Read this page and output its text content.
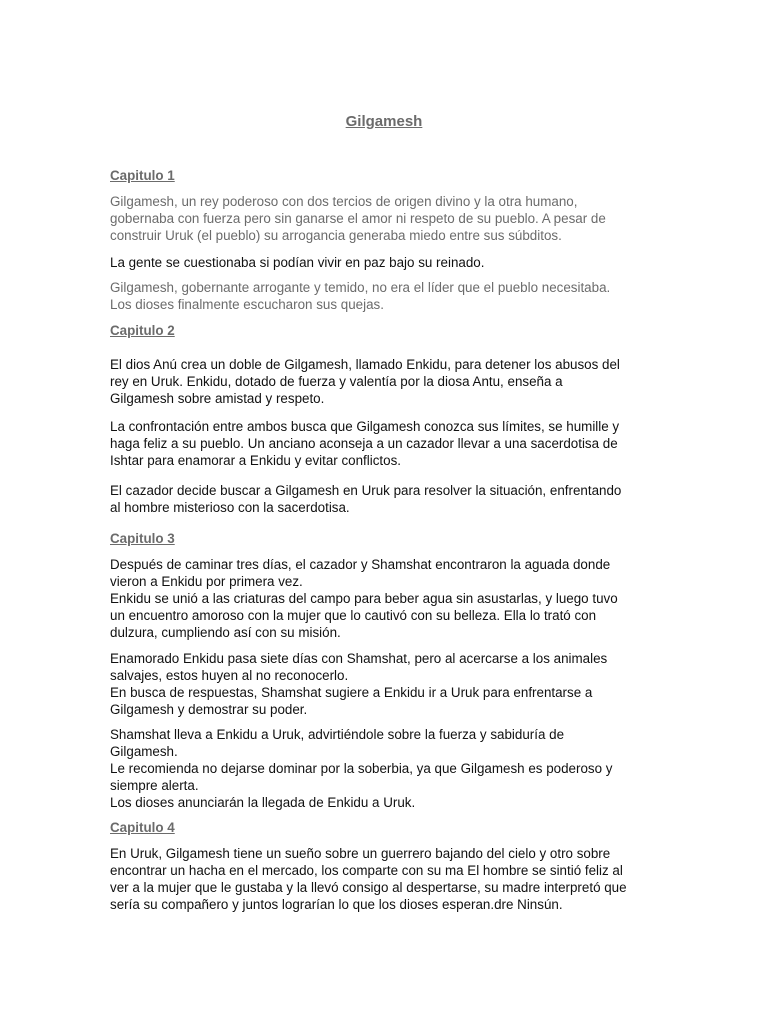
Gilgamesh
Capitulo 1
Gilgamesh, un rey poderoso con dos tercios de origen divino y la otra humano,
gobernaba con fuerza pero sin ganarse el amor ni respeto de su pueblo. A pesar de
construir Uruk (el pueblo) su arrogancia generaba miedo entre sus súbditos.
La gente se cuestionaba si podían vivir en paz bajo su reinado.
Gilgamesh, gobernante arrogante y temido, no era el líder que el pueblo necesitaba.
Los dioses finalmente escucharon sus quejas.
Capitulo 2
El dios Anú crea un doble de Gilgamesh, llamado Enkidu, para detener los abusos del
rey en Uruk. Enkidu, dotado de fuerza y valentía por la diosa Antu, enseña a
Gilgamesh sobre amistad y respeto.
La confrontación entre ambos busca que Gilgamesh conozca sus límites, se humille y
haga feliz a su pueblo. Un anciano aconseja a un cazador llevar a una sacerdotisa de
Ishtar para enamorar a Enkidu y evitar conflictos.
El cazador decide buscar a Gilgamesh en Uruk para resolver la situación, enfrentando
al hombre misterioso con la sacerdotisa.
Capitulo 3
Después de caminar tres días, el cazador y Shamshat encontraron la aguada donde
vieron a Enkidu por primera vez.
Enkidu se unió a las criaturas del campo para beber agua sin asustarlas, y luego tuvo
un encuentro amoroso con la mujer que lo cautivó con su belleza. Ella lo trató con
dulzura, cumpliendo así con su misión.
Enamorado Enkidu pasa siete días con Shamshat, pero al acercarse a los animales
salvajes, estos huyen al no reconocerlo.
En busca de respuestas, Shamshat sugiere a Enkidu ir a Uruk para enfrentarse a
Gilgamesh y demostrar su poder.
Shamshat lleva a Enkidu a Uruk, advirtiéndole sobre la fuerza y sabiduría de
Gilgamesh.
Le recomienda no dejarse dominar por la soberbia, ya que Gilgamesh es poderoso y
siempre alerta.
Los dioses anunciarán la llegada de Enkidu a Uruk.
Capitulo 4
En Uruk, Gilgamesh tiene un sueño sobre un guerrero bajando del cielo y otro sobre
encontrar un hacha en el mercado, los comparte con su ma El hombre se sintió feliz al
ver a la mujer que le gustaba y la llevó consigo al despertarse, su madre interpretó que
sería su compañero y juntos lograrían lo que los dioses esperan.dre Ninsún.
